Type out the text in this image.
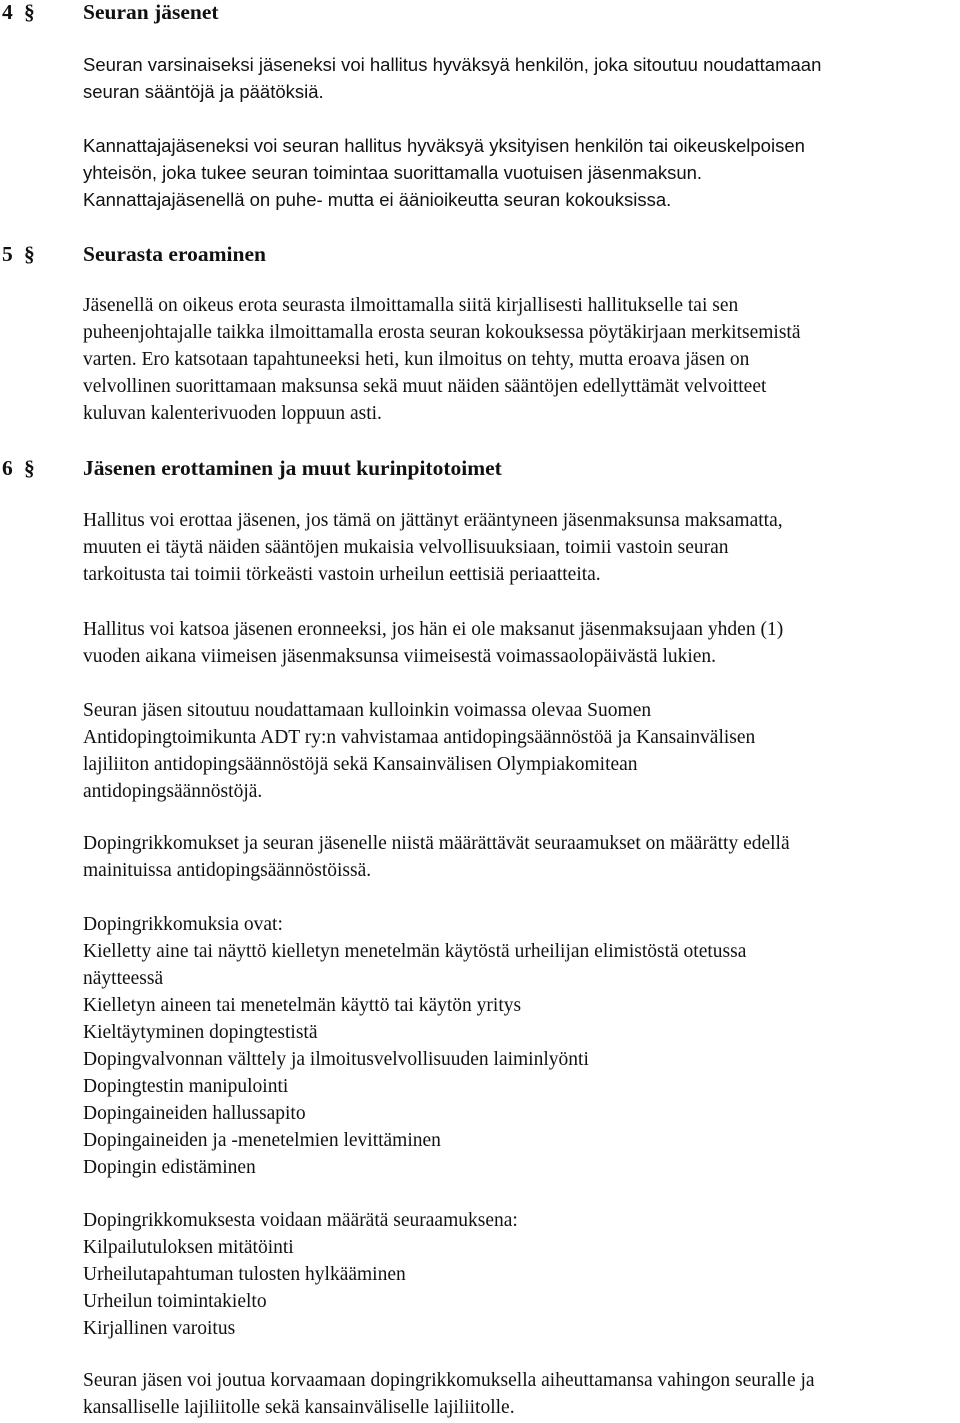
4 § Seuran jäsenet
Seuran varsinaiseksi jäseneksi voi hallitus hyväksyä henkilön, joka sitoutuu noudattamaan
seuran sääntöjä ja päätöksiä.
Kannattajajäseneksi voi seuran hallitus hyväksyä yksityisen henkilön tai oikeuskelpoisen
yhteisön, joka tukee seuran toimintaa suorittamalla vuotuisen jäsenmaksun.
Kannattajajäsenellä on puhe- mutta ei äänioikeutta seuran kokouksissa.
5 § Seurasta eroaminen
Jäsenellä on oikeus erota seurasta ilmoittamalla siitä kirjallisesti hallitukselle tai sen
puheenjohtajalle taikka ilmoittamalla erosta seuran kokouksessa pöytäkirjaan merkitsemistä
varten. Ero katsotaan tapahtuneeksi heti, kun ilmoitus on tehty, mutta eroava jäsen on
velvollinen suorittamaan maksunsa sekä muut näiden sääntöjen edellyttämät velvoitteet
kuluvan kalenterivuoden loppuun asti.
6 § Jäsenen erottaminen ja muut kurinpitotoimet
Hallitus voi erottaa jäsenen, jos tämä on jättänyt erääntyneen jäsenmaksunsa maksamatta,
muuten ei täytä näiden sääntöjen mukaisia velvollisuuksiaan, toimii vastoin seuran
tarkoitusta tai toimii törkeästi vastoin urheilun eettisiä periaatteita.
Hallitus voi katsoa jäsenen eronneeksi, jos hän ei ole maksanut jäsenmaksujaan yhden (1)
vuoden aikana viimeisen jäsenmaksunsa viimeisestä voimassaolopäivästä lukien.
Seuran jäsen sitoutuu noudattamaan kulloinkin voimassa olevaa Suomen
Antidopingtoimikunta ADT ry:n vahvistamaa antidopingsäännöstöä ja Kansainvälisen
lajiliiton antidopingsäännöstöjä sekä Kansainvälisen Olympiakomitean
antidopingsäännöstöjä.
Dopingrikkomukset ja seuran jäsenelle niistä määrättävät seuraamukset on määrätty edellä
mainituissa antidopingsäännöstöissä.
Dopingrikkomuksia ovat:
Kielletty aine tai näyttö kielletyn menetelmän käytöstä urheilijan elimistöstä otetussa
näytteessä
Kielletyn aineen tai menetelmän käyttö tai käytön yritys
Kieltäytyminen dopingtestistä
Dopingvalvonnan välttely ja ilmoitusvelvollisuuden laiminlyönti
Dopingtestin manipulointi
Dopingaineiden hallussapito
Dopingaineiden ja -menetelmien levittäminen
Dopingin edistäminen
Dopingrikkomuksesta voidaan määrätä seuraamuksena:
Kilpailutuloksen mitätöinti
Urheilutapahtuman tulosten hylkääminen
Urheilun toimintakielto
Kirjallinen varoitus
Seuran jäsen voi joutua korvaamaan dopingrikkomuksella aiheuttamansa vahingon seuralle ja
kansalliselle lajiliitolle sekä kansainväliselle lajiliitolle.
